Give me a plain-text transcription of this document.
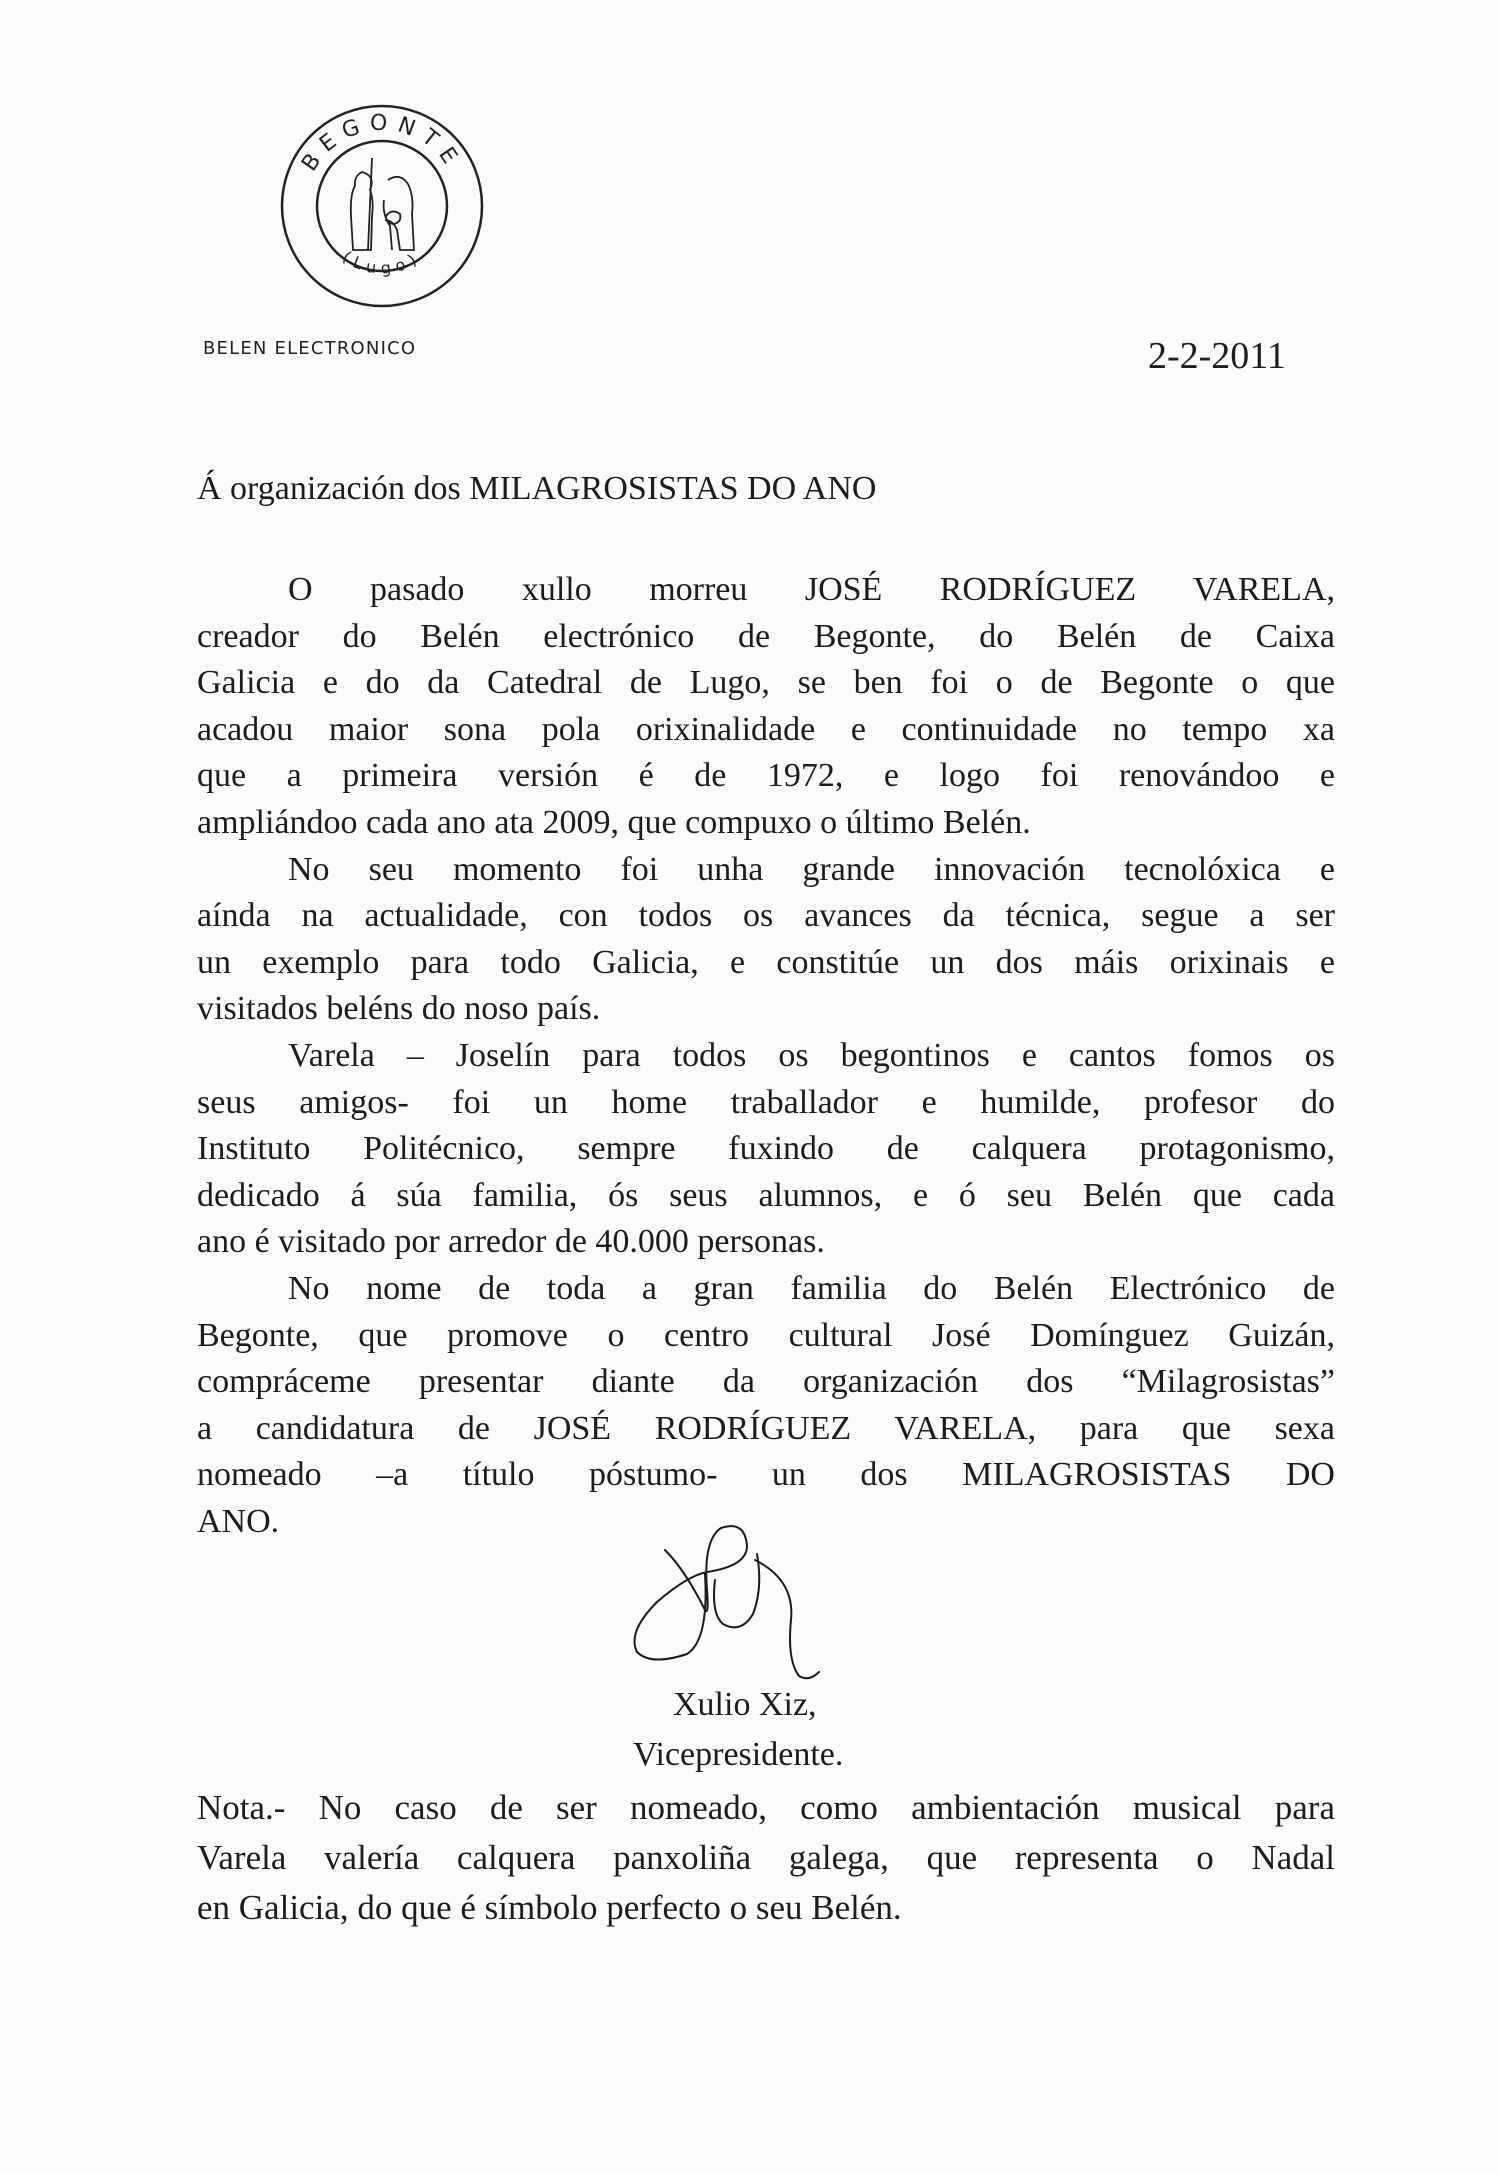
BEGONTE
(Lugo)
BELEN ELECTRONICO	2-2-2011
Á organización dos MILAGROSISTAS DO ANO
O pasado xullo morreu JOSÉ RODRÍGUEZ VARELA,
creador do Belén electrónico de Begonte, do Belén de Caixa
Galicia e do da Catedral de Lugo, se ben foi o de Begonte o que
acadou maior sona pola orixinalidade e continuidade no tempo xa
que a primeira versión é de 1972, e logo foi renovándoo e
ampliándoo cada ano ata 2009, que compuxo o último Belén.
No seu momento foi unha grande innovación tecnolóxica e
aínda na actualidade, con todos os avances da técnica, segue a ser
un exemplo para todo Galicia, e constitúe un dos máis orixinais e
visitados beléns do noso país.
Varela – Joselín para todos os begontinos e cantos fomos os
seus amigos- foi un home traballador e humilde, profesor do
Instituto Politécnico, sempre fuxindo de calquera protagonismo,
dedicado á súa familia, ós seus alumnos, e ó seu Belén que cada
ano é visitado por arredor de 40.000 personas.
No nome de toda a gran familia do Belén Electrónico de
Begonte, que promove o centro cultural José Domínguez Guizán,
compráceme presentar diante da organización dos “Milagrosistas”
a candidatura de JOSÉ RODRÍGUEZ VARELA, para que sexa
nomeado –a título póstumo- un dos MILAGROSISTAS DO
ANO.
Xulio Xiz,
Vicepresidente.
Nota.- No caso de ser nomeado, como ambientación musical para
Varela valería calquera panxoliña galega, que representa o Nadal
en Galicia, do que é símbolo perfecto o seu Belén.
